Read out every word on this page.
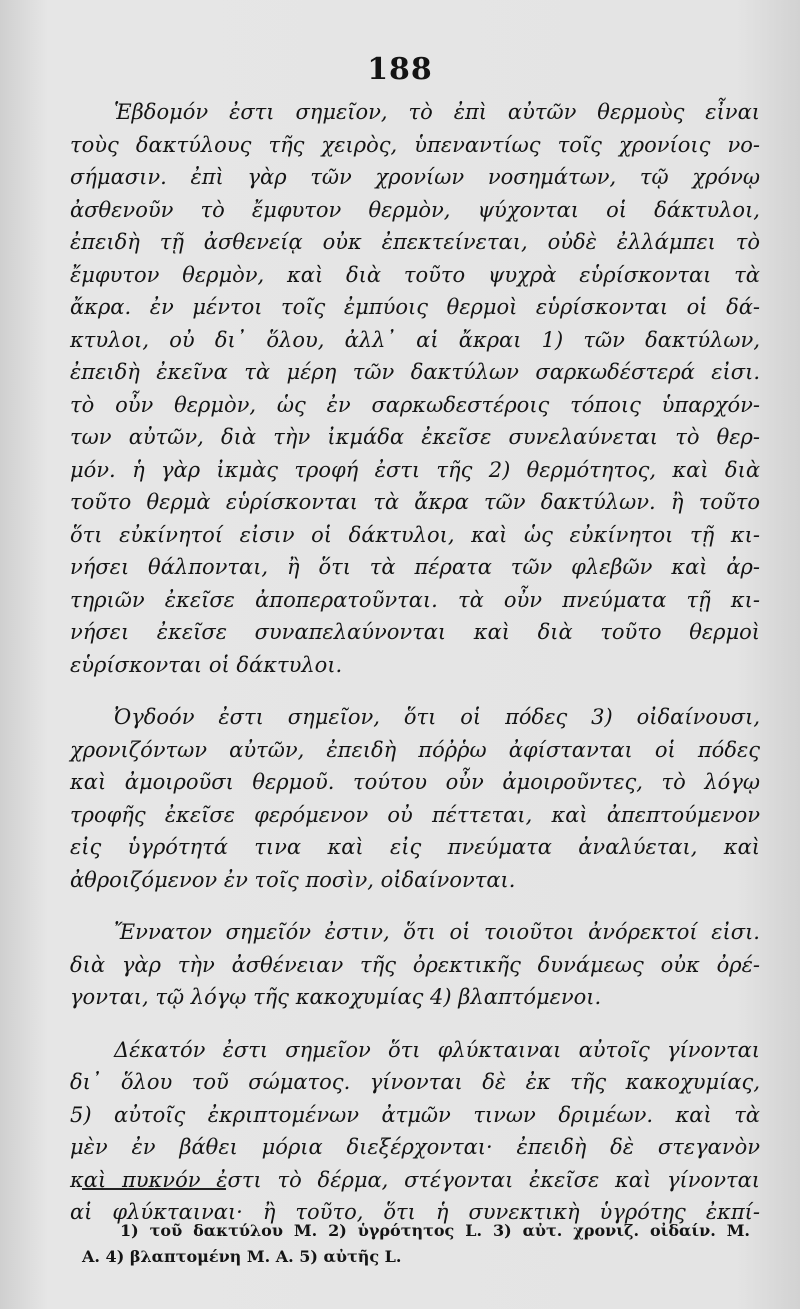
188
Ἑβδομόν ἐστι σημεῖον, τὸ ἐπὶ αὐτῶν θερμοὺς εἶναι
τοὺς δακτύλους τῆς χειρὸς, ὑπεναντίως τοῖς χρονίοις νο-
σήμασιν. ἐπὶ γὰρ τῶν χρονίων νοσημάτων, τῷ χρόνῳ
ἀσθενοῦν τὸ ἔμφυτον θερμὸν, ψύχονται οἱ δάκτυλοι,
ἐπειδὴ τῇ ἀσθενείᾳ οὐκ ἐπεκτείνεται, οὐδὲ ἐλλάμπει τὸ
ἔμφυτον θερμὸν, καὶ διὰ τοῦτο ψυχρὰ εὑρίσκονται τὰ
ἄκρα. ἐν μέντοι τοῖς ἐμπύοις θερμοὶ εὑρίσκονται οἱ δά-
κτυλοι, οὐ δι᾽ ὅλου, ἀλλ᾽ αἱ ἄκραι 1) τῶν δακτύλων,
ἐπειδὴ ἐκεῖνα τὰ μέρη τῶν δακτύλων σαρκωδέστερά εἰσι.
τὸ οὖν θερμὸν, ὡς ἐν σαρκωδεστέροις τόποις ὑπαρχόν-
των αὐτῶν, διὰ τὴν ἰκμάδα ἐκεῖσε συνελαύνεται τὸ θερ-
μόν. ἡ γὰρ ἰκμὰς τροφή ἐστι τῆς 2) θερμότητος, καὶ διὰ
τοῦτο θερμὰ εὑρίσκονται τὰ ἄκρα τῶν δακτύλων. ἢ τοῦτο
ὅτι εὐκίνητοί εἰσιν οἱ δάκτυλοι, καὶ ὡς εὐκίνητοι τῇ κι-
νήσει θάλπονται, ἢ ὅτι τὰ πέρατα τῶν φλεβῶν καὶ ἀρ-
τηριῶν ἐκεῖσε ἀποπερατοῦνται. τὰ οὖν πνεύματα τῇ κι-
νήσει ἐκεῖσε συναπελαύνονται καὶ διὰ τοῦτο θερμοὶ
εὑρίσκονται οἱ δάκτυλοι.
Ὀγδοόν ἐστι σημεῖον, ὅτι οἱ πόδες 3) οἰδαίνουσι,
χρονιζόντων αὐτῶν, ἐπειδὴ πόῤῥω ἀφίστανται οἱ πόδες
καὶ ἀμοιροῦσι θερμοῦ. τούτου οὖν ἀμοιροῦντες, τὸ λόγῳ
τροφῆς ἐκεῖσε φερόμενον οὐ πέττεται, καὶ ἀπεπτούμενον
εἰς ὑγρότητά τινα καὶ εἰς πνεύματα ἀναλύεται, καὶ
ἀθροιζόμενον ἐν τοῖς ποσὶν, οἰδαίνονται.
Ἔννατον σημεῖόν ἐστιν, ὅτι οἱ τοιοῦτοι ἀνόρεκτοί εἰσι.
διὰ γὰρ τὴν ἀσθένειαν τῆς ὀρεκτικῆς δυνάμεως οὐκ ὀρέ-
γονται, τῷ λόγῳ τῆς κακοχυμίας 4) βλαπτόμενοι.
Δέκατόν ἐστι σημεῖον ὅτι φλύκταιναι αὐτοῖς γίνονται
δι᾽ ὅλου τοῦ σώματος. γίνονται δὲ ἐκ τῆς κακοχυμίας,
5) αὐτοῖς ἐκριπτομένων ἀτμῶν τινων δριμέων. καὶ τὰ
μὲν ἐν βάθει μόρια διεξέρχονται· ἐπειδὴ δὲ στεγανὸν
καὶ πυκνόν ἐστι τὸ δέρμα, στέγονται ἐκεῖσε καὶ γίνονται
αἱ φλύκταιναι· ἢ τοῦτο, ὅτι ἡ συνεκτικὴ ὑγρότης ἐκπί-
1) τοῦ δακτύλου M. 2) ὑγρότητος L. 3) αὐτ. χρονιζ. οἰδαίν. M.
A. 4) βλαπτομένη M. A. 5) αὐτῆς L.
